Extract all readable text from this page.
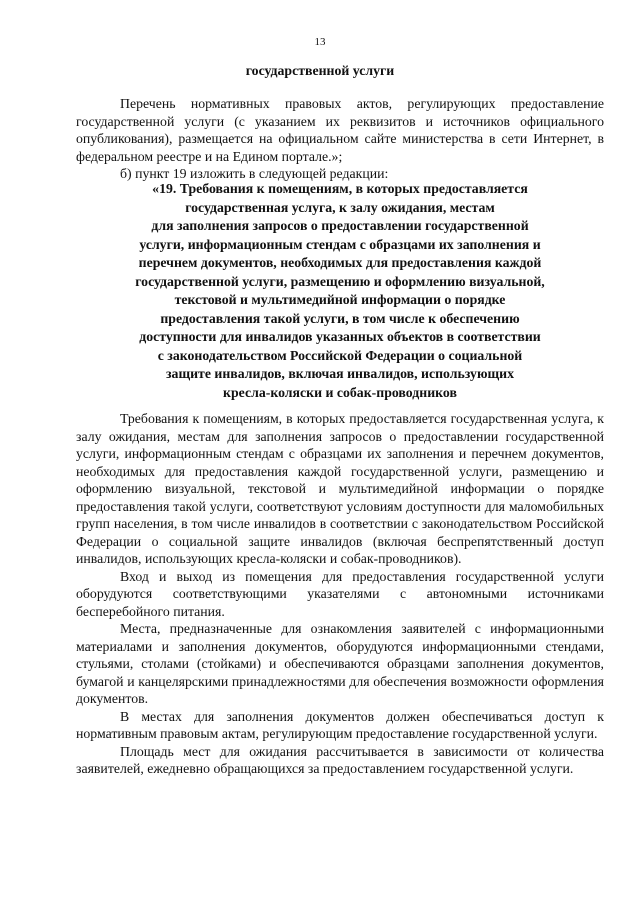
13
государственной услуги

Перечень нормативных правовых актов, регулирующих предоставление государственной услуги (с указанием их реквизитов и источников официального опубликования), размещается на официальном сайте министерства в сети Интернет, в федеральном реестре и на Едином портале.»;

б) пункт 19 изложить в следующей редакции:

«19. Требования к помещениям, в которых предоставляется
государственная услуга, к залу ожидания, местам
для заполнения запросов о предоставлении государственной
услуги, информационным стендам с образцами их заполнения и
перечнем документов, необходимых для предоставления каждой
государственной услуги, размещению и оформлению визуальной,
текстовой и мультимедийной информации о порядке
предоставления такой услуги, в том числе к обеспечению
доступности для инвалидов указанных объектов в соответствии
с законодательством Российской Федерации о социальной
защите инвалидов, включая инвалидов, использующих
кресла-коляски и собак-проводников

Требования к помещениям, в которых предоставляется государственная услуга, к залу ожидания, местам для заполнения запросов о предоставлении государственной услуги, информационным стендам с образцами их заполнения и перечнем документов, необходимых для предоставления каждой государственной услуги, размещению и оформлению визуальной, текстовой и мультимедийной информации о порядке предоставления такой услуги, соответствуют условиям доступности для маломобильных групп населения, в том числе инвалидов в соответствии с законодательством Российской Федерации о социальной защите инвалидов (включая беспрепятственный доступ инвалидов, использующих кресла-коляски и собак-проводников).

Вход и выход из помещения для предоставления государственной услуги оборудуются соответствующими указателями с автономными источниками бесперебойного питания.

Места, предназначенные для ознакомления заявителей с информационными материалами и заполнения документов, оборудуются информационными стендами, стульями, столами (стойками) и обеспечиваются образцами заполнения документов, бумагой и канцелярскими принадлежностями для обеспечения возможности оформления документов.

В местах для заполнения документов должен обеспечиваться доступ к нормативным правовым актам, регулирующим предоставление государственной услуги.

Площадь мест для ожидания рассчитывается в зависимости от количества заявителей, ежедневно обращающихся за предоставлением государственной услуги.
